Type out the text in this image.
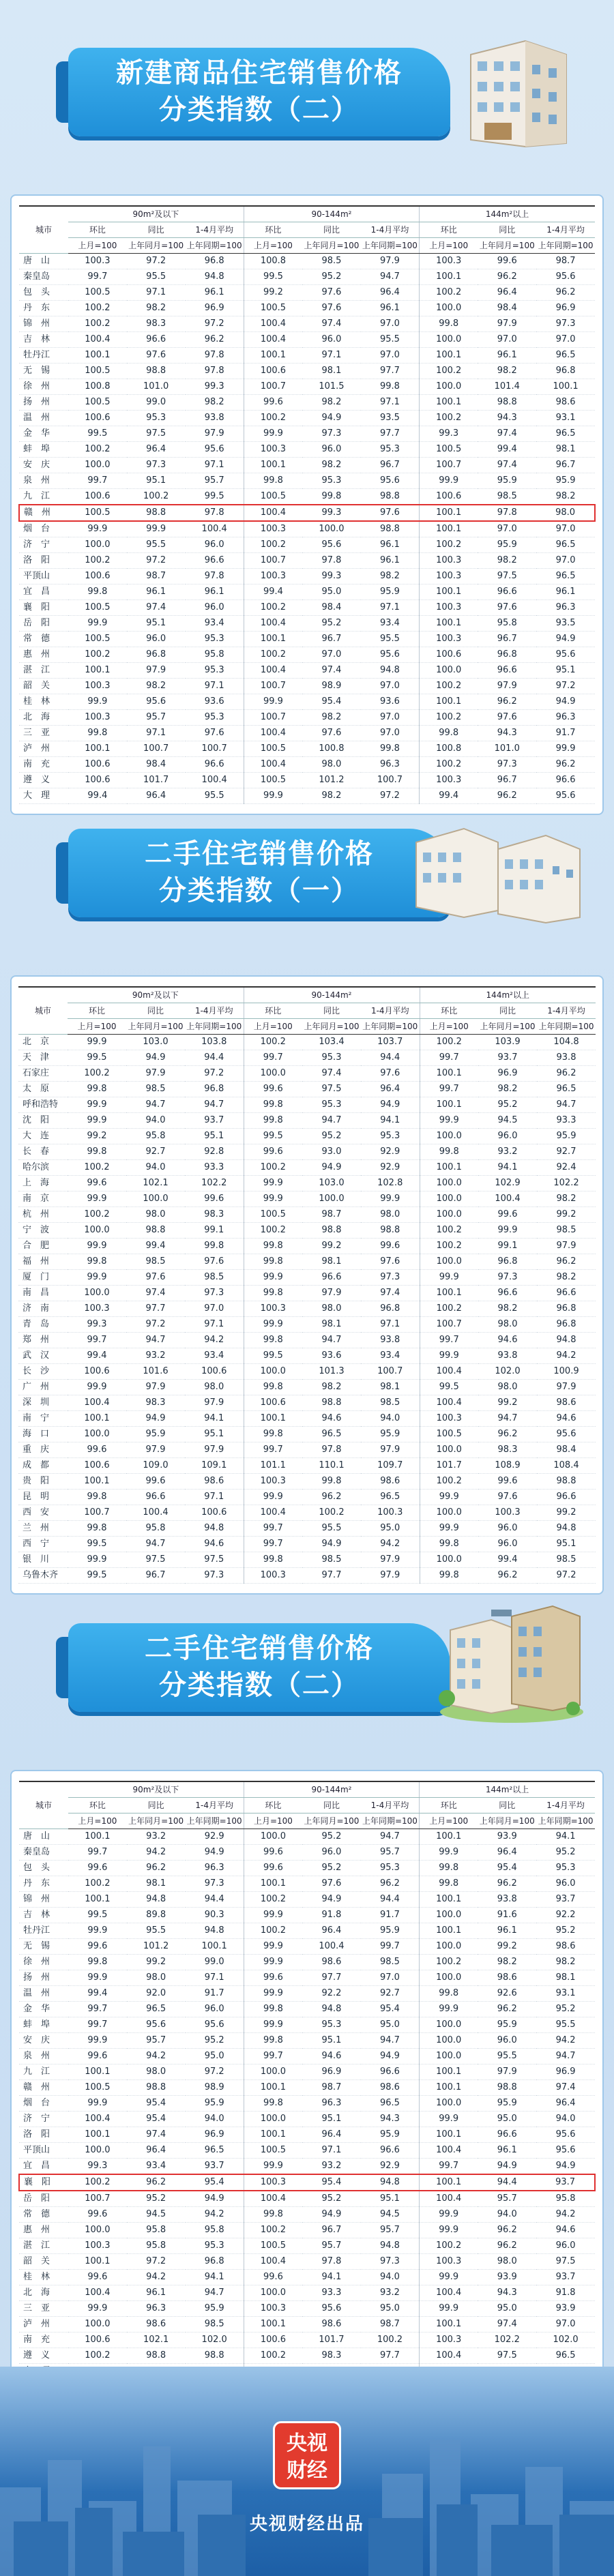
新建商品住宅销售价格
分类指数（二）
城市	90m²及以下			90-144m²			144m²以上		
	环比	同比	1-4月平均	环比	同比	1-4月平均	环比	同比	1-4月平均
	上月=100	上年同月=100	上年同期=100	上月=100	上年同月=100	上年同期=100	上月=100	上年同月=100	上年同期=100
唐　山	100.3	97.2	96.8	100.8	98.5	97.9	100.3	99.6	98.7
秦皇岛	99.7	95.5	94.8	99.5	95.2	94.7	100.1	96.2	95.6
包　头	100.5	97.1	96.1	99.2	97.6	96.4	100.2	96.4	96.2
丹　东	100.2	98.2	96.9	100.5	97.6	96.1	100.0	98.4	96.9
锦　州	100.2	98.3	97.2	100.4	97.4	97.0	99.8	97.9	97.3
吉　林	100.4	96.6	96.2	100.4	96.0	95.5	100.0	97.0	97.0
牡丹江	100.1	97.6	97.8	100.1	97.1	97.0	100.1	96.1	96.5
无　锡	100.5	98.8	97.8	100.6	98.1	97.7	100.2	98.2	96.8
徐　州	100.8	101.0	99.3	100.7	101.5	99.8	100.0	101.4	100.1
扬　州	100.5	99.0	98.2	99.6	98.2	97.1	100.1	98.8	98.6
温　州	100.6	95.3	93.8	100.2	94.9	93.5	100.2	94.3	93.1
金　华	99.5	97.5	97.9	99.9	97.3	97.7	99.3	97.4	96.5
蚌　埠	100.2	96.4	95.6	100.3	96.0	95.3	100.5	99.4	98.1
安　庆	100.0	97.3	97.1	100.1	98.2	96.7	100.7	97.4	96.7
泉　州	99.7	95.1	95.7	99.8	95.3	95.6	99.9	95.9	95.9
九　江	100.6	100.2	99.5	100.5	99.8	98.8	100.6	98.5	98.2
赣　州	100.5	98.8	97.8	100.4	99.3	97.6	100.1	97.8	98.0
烟　台	99.9	99.9	100.4	100.3	100.0	98.8	100.1	97.0	97.0
济　宁	100.0	95.5	96.0	100.2	95.6	96.1	100.2	95.9	96.5
洛　阳	100.2	97.2	96.6	100.7	97.8	96.1	100.3	98.2	97.0
平顶山	100.6	98.7	97.8	100.3	99.3	98.2	100.3	97.5	96.5
宜　昌	99.8	96.1	96.1	99.4	95.0	95.9	100.1	96.6	96.1
襄　阳	100.5	97.4	96.0	100.2	98.4	97.1	100.3	97.6	96.3
岳　阳	99.9	95.1	93.4	100.4	95.2	93.4	100.1	95.8	93.5
常　德	100.5	96.0	95.3	100.1	96.7	95.5	100.3	96.7	94.9
惠　州	100.2	96.8	95.8	100.2	97.0	95.6	100.6	96.8	95.6
湛　江	100.1	97.9	95.3	100.4	97.4	94.8	100.0	96.6	95.1
韶　关	100.3	98.2	97.1	100.7	98.9	97.0	100.2	97.9	97.2
桂　林	99.9	95.6	93.6	99.9	95.4	93.6	100.1	96.2	94.9
北　海	100.3	95.7	95.3	100.7	98.2	97.0	100.2	97.6	96.3
三　亚	99.8	97.1	97.6	100.4	97.6	97.0	99.8	94.3	91.7
泸　州	100.1	100.7	100.7	100.5	100.8	99.8	100.8	101.0	99.9
南　充	100.6	98.4	96.6	100.4	98.0	96.3	100.2	97.3	96.2
遵　义	100.6	101.7	100.4	100.5	101.2	100.7	100.3	96.7	96.6
大　理	99.4	96.4	95.5	99.9	98.2	97.2	99.4	96.2	95.6
二手住宅销售价格
分类指数（一）
城市	90m²及以下			90-144m²			144m²以上		
	环比	同比	1-4月平均	环比	同比	1-4月平均	环比	同比	1-4月平均
	上月=100	上年同月=100	上年同期=100	上月=100	上年同月=100	上年同期=100	上月=100	上年同月=100	上年同期=100
北　京	99.9	103.0	103.8	100.2	103.4	103.7	100.2	103.9	104.8
天　津	99.5	94.9	94.4	99.7	95.3	94.4	99.7	93.7	93.8
石家庄	100.2	97.9	97.2	100.0	97.4	97.6	100.1	96.9	96.2
太　原	99.8	98.5	96.8	99.6	97.5	96.4	99.7	98.2	96.5
呼和浩特	99.9	94.7	94.7	99.8	95.3	94.9	100.1	95.2	94.7
沈　阳	99.9	94.0	93.7	99.8	94.7	94.1	99.9	94.5	93.3
大　连	99.2	95.8	95.1	99.5	95.2	95.3	100.0	96.0	95.9
长　春	99.8	92.7	92.8	99.6	93.0	92.9	99.8	93.2	92.7
哈尔滨	100.2	94.0	93.3	100.2	94.9	92.9	100.1	94.1	92.4
上　海	99.6	102.1	102.2	99.9	103.0	102.8	100.0	102.9	102.2
南　京	99.9	100.0	99.6	99.9	100.0	99.9	100.0	100.4	98.2
杭　州	100.2	98.0	98.3	100.5	98.7	98.0	100.0	99.6	99.2
宁　波	100.0	98.8	99.1	100.2	98.8	98.8	100.2	99.9	98.5
合　肥	99.9	99.4	99.8	99.8	99.2	99.6	100.2	99.1	97.9
福　州	99.8	98.5	97.6	99.8	98.1	97.6	100.0	96.8	96.2
厦　门	99.9	97.6	98.5	99.9	96.6	97.3	99.9	97.3	98.2
南　昌	100.0	97.4	97.3	99.8	97.9	97.4	100.1	96.6	96.6
济　南	100.3	97.7	97.0	100.3	98.0	96.8	100.2	98.2	96.8
青　岛	99.3	97.2	97.1	99.9	98.1	97.1	100.7	98.0	96.8
郑　州	99.7	94.7	94.2	99.8	94.7	93.8	99.7	94.6	94.8
武　汉	99.4	93.2	93.4	99.5	93.6	93.4	99.9	93.8	94.2
长　沙	100.6	101.6	100.6	100.0	101.3	100.7	100.4	102.0	100.9
广　州	99.9	97.9	98.0	99.8	98.2	98.1	99.5	98.0	97.9
深　圳	100.4	98.3	97.9	100.6	98.8	98.5	100.4	99.2	98.6
南　宁	100.1	94.9	94.1	100.1	94.6	94.0	100.3	94.7	94.6
海　口	100.0	95.9	95.1	99.8	96.5	95.9	100.5	96.2	95.6
重　庆	99.6	97.9	97.9	99.7	97.8	97.9	100.0	98.3	98.4
成　都	100.6	109.0	109.1	101.1	110.1	109.7	101.7	108.9	108.4
贵　阳	100.1	99.6	98.6	100.3	99.8	98.6	100.2	99.6	98.8
昆　明	99.8	96.6	97.1	99.9	96.2	96.5	99.9	97.6	96.6
西　安	100.7	100.4	100.6	100.4	100.2	100.3	100.0	100.3	99.2
兰　州	99.8	95.8	94.8	99.7	95.5	95.0	99.9	96.0	94.8
西　宁	99.5	94.7	94.6	99.7	94.9	94.2	99.8	96.0	95.1
银　川	99.9	97.5	97.5	99.8	98.5	97.9	100.0	99.4	98.5
乌鲁木齐	99.5	96.7	97.3	100.3	97.7	97.9	99.8	96.2	97.2
二手住宅销售价格
分类指数（二）
城市	90m²及以下			90-144m²			144m²以上		
	环比	同比	1-4月平均	环比	同比	1-4月平均	环比	同比	1-4月平均
	上月=100	上年同月=100	上年同期=100	上月=100	上年同月=100	上年同期=100	上月=100	上年同月=100	上年同期=100
唐　山	100.1	93.2	92.9	100.0	95.2	94.7	100.1	93.9	94.1
秦皇岛	99.7	94.2	94.9	99.6	96.0	95.7	99.9	96.4	95.2
包　头	99.6	96.2	96.3	99.6	95.2	95.3	99.8	95.4	95.3
丹　东	100.2	98.1	97.3	100.1	97.6	96.2	99.8	96.2	96.0
锦　州	100.1	94.8	94.4	100.2	94.9	94.4	100.1	93.8	93.7
吉　林	99.5	89.8	90.3	99.9	91.8	91.7	100.0	91.6	92.2
牡丹江	99.9	95.5	94.8	100.2	96.4	95.9	100.1	96.1	95.2
无　锡	99.6	101.2	100.1	99.9	100.4	99.7	100.0	99.2	98.6
徐　州	99.8	99.2	99.0	99.9	98.6	98.5	100.2	98.2	98.2
扬　州	99.9	98.0	97.1	99.6	97.7	97.0	100.0	98.6	98.1
温　州	99.4	92.0	91.7	99.9	92.2	92.7	99.8	92.6	93.1
金　华	99.7	96.5	96.0	99.8	94.8	95.4	99.9	96.2	95.2
蚌　埠	99.7	95.6	95.6	99.9	95.3	95.0	100.0	95.9	95.5
安　庆	99.9	95.7	95.2	99.8	95.1	94.7	100.0	96.0	94.2
泉　州	99.6	94.2	95.0	99.7	94.6	94.9	100.0	95.5	94.7
九　江	100.1	98.0	97.2	100.0	96.9	96.6	100.1	97.9	96.9
赣　州	100.5	98.8	98.9	100.1	98.7	98.6	100.1	98.8	97.4
烟　台	99.9	95.4	95.9	99.8	96.3	96.5	100.0	95.9	96.4
济　宁	100.4	95.4	94.0	100.0	95.1	94.3	99.9	95.0	94.0
洛　阳	100.1	97.4	96.9	100.1	96.4	95.9	100.1	96.6	95.6
平顶山	100.0	96.4	96.5	100.5	97.1	96.6	100.4	96.1	95.6
宜　昌	99.3	93.4	93.7	99.9	93.2	92.9	99.7	94.9	94.9
襄　阳	100.2	96.2	95.4	100.3	95.4	94.8	100.1	94.4	93.7
岳　阳	100.7	95.2	94.9	100.4	95.2	95.1	100.4	95.7	95.8
常　德	99.6	94.5	94.2	99.8	94.9	94.5	99.9	94.0	94.2
惠　州	100.0	95.8	95.8	100.2	96.7	95.7	99.9	96.2	94.6
湛　江	100.3	95.8	95.3	100.5	95.7	94.8	100.2	96.2	96.0
韶　关	100.1	97.2	96.8	100.4	97.8	97.3	100.3	98.0	97.5
桂　林	99.6	94.2	94.1	99.6	94.1	94.0	99.9	93.9	93.7
北　海	100.4	96.1	94.7	100.0	93.3	93.2	100.4	94.3	91.8
三　亚	99.9	96.3	95.9	100.3	95.6	95.0	99.9	95.0	93.9
泸　州	100.0	98.6	98.5	100.1	98.6	98.7	100.1	97.4	97.0
南　充	100.6	102.1	102.0	100.6	101.7	100.2	100.3	102.2	102.0
遵　义	100.2	98.8	98.8	100.2	98.3	97.7	100.4	97.5	96.5

央视
财经
央视财经出品
